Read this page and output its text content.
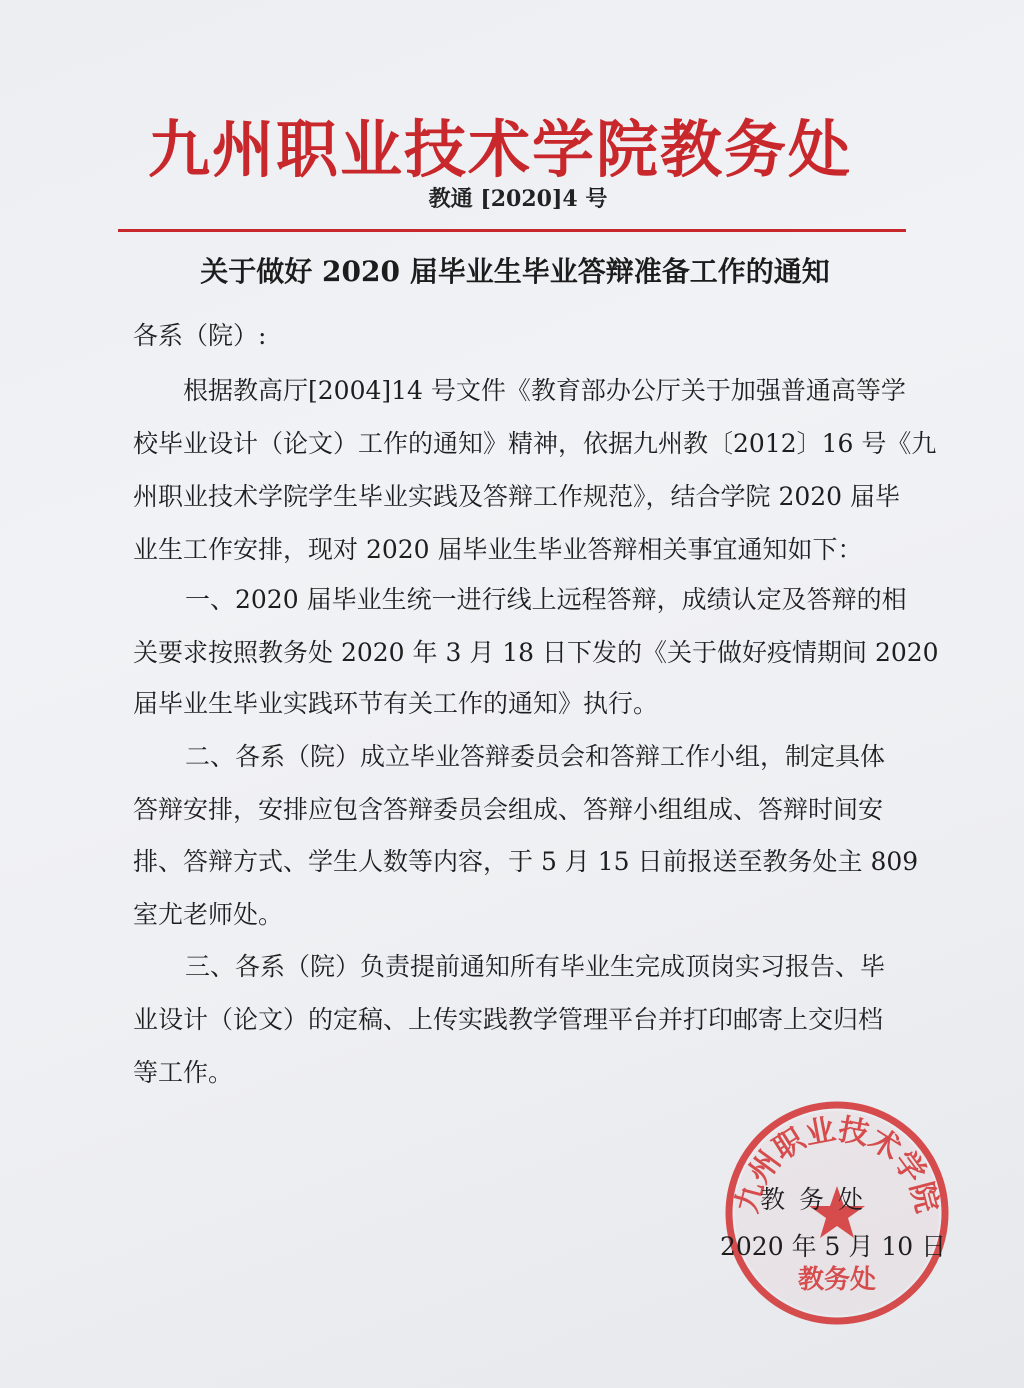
九州职业技术学院教务处
教通 [2020]4 号
关于做好 2020 届毕业生毕业答辩准备工作的通知
各系（院）:
根据教高厅[2004]14 号文件《教育部办公厅关于加强普通高等学
校毕业设计（论文）工作的通知》精神，依据九州教〔2012〕16 号《九
州职业技术学院学生毕业实践及答辩工作规范》，结合学院 2020 届毕
业生工作安排，现对 2020 届毕业生毕业答辩相关事宜通知如下：
一、2020 届毕业生统一进行线上远程答辩，成绩认定及答辩的相
关要求按照教务处 2020 年 3 月 18 日下发的《关于做好疫情期间 2020
届毕业生毕业实践环节有关工作的通知》执行。
二、各系（院）成立毕业答辩委员会和答辩工作小组，制定具体
答辩安排，安排应包含答辩委员会组成、答辩小组组成、答辩时间安
排、答辩方式、学生人数等内容，于 5 月 15 日前报送至教务处主 809
室尤老师处。
三、各系（院）负责提前通知所有毕业生完成顶岗实习报告、毕
业设计（论文）的定稿、上传实践教学管理平台并打印邮寄上交归档
等工作。
九州职业技术学院
教务处
教务处
2020 年 5 月 10 日
